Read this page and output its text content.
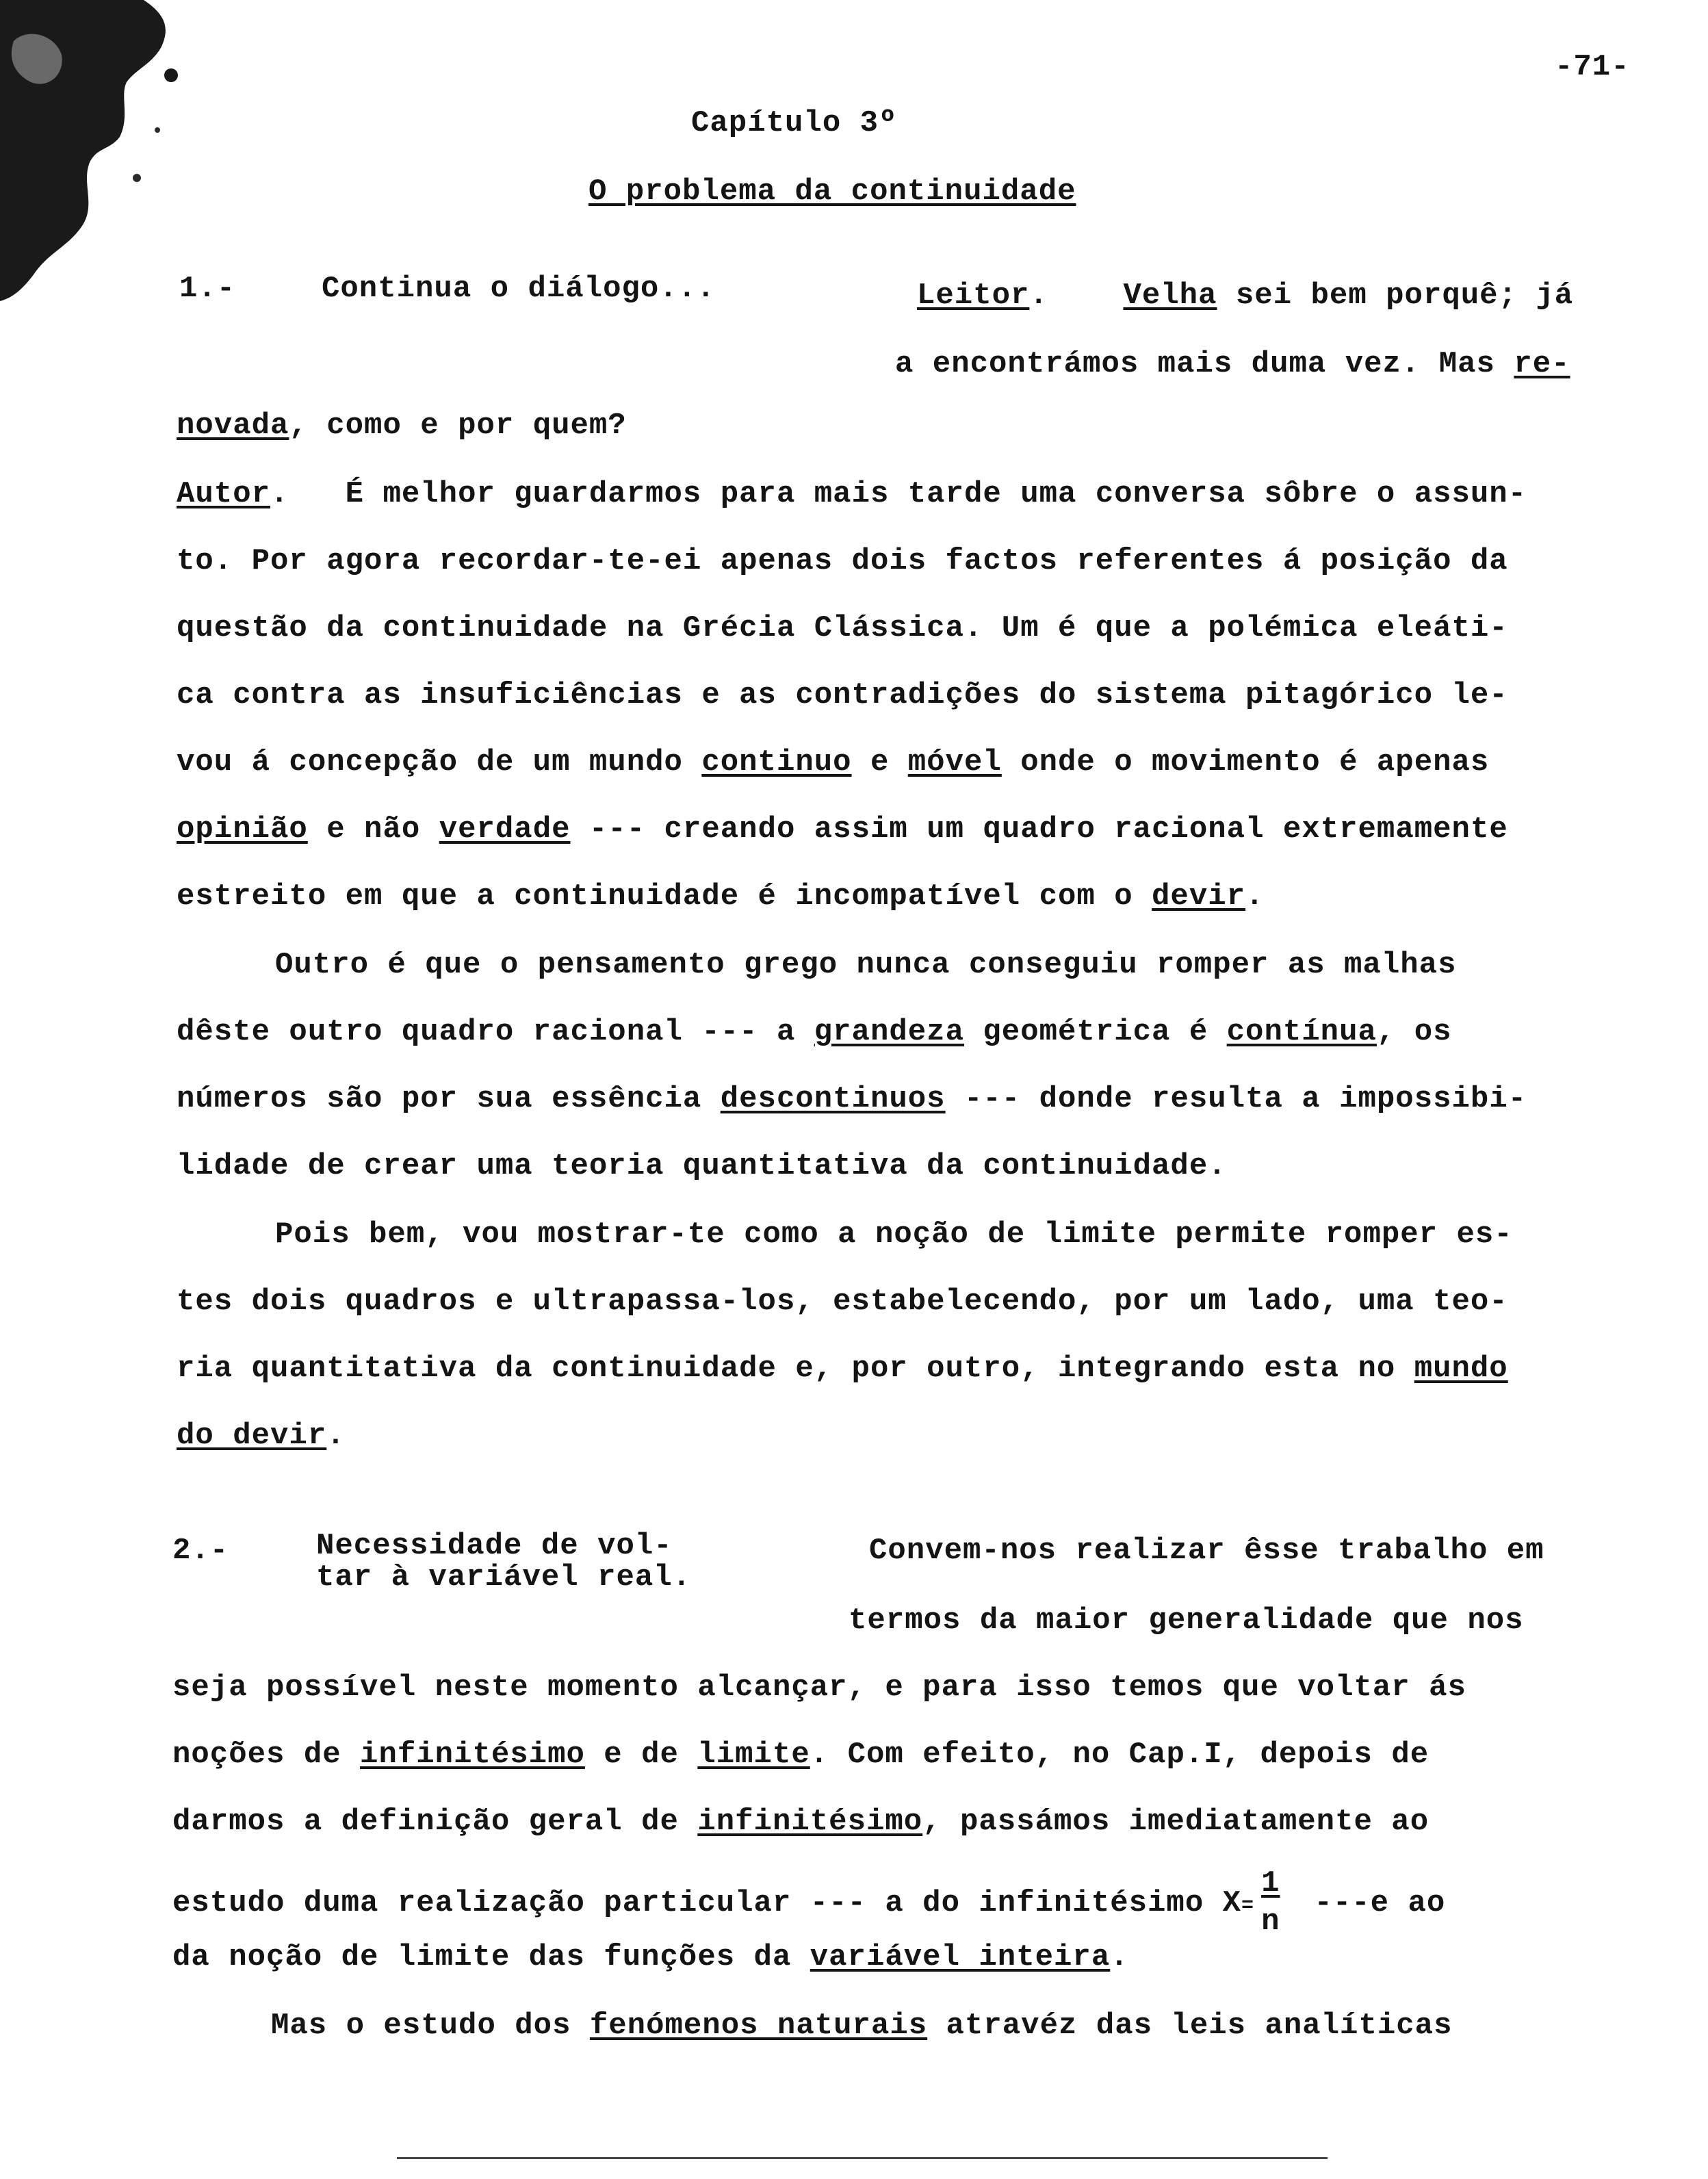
-71-
Capítulo 3º
O problema da continuidade
1.-	Continua o diálogo...	Leitor.    Velha sei bem porquê; já
a encontrámos mais duma vez. Mas re-
novada, como e por quem?
Autor.   É melhor guardarmos para mais tarde uma conversa sôbre o assun-
to. Por agora recordar-te-ei apenas dois factos referentes á posição da
questão da continuidade na Grécia Clássica. Um é que a polémica eleáti-
ca contra as insuficiências e as contradições do sistema pitagórico le-
vou á concepção de um mundo continuo e móvel onde o movimento é apenas
opinião e não verdade --- creando assim um quadro racional extremamente
estreito em que a continuidade é incompatível com o devir.
Outro é que o pensamento grego nunca conseguiu romper as malhas
dêste outro quadro racional --- a grandeza geométrica é contínua, os
números são por sua essência descontinuos --- donde resulta a impossibi-
lidade de crear uma teoria quantitativa da continuidade.
Pois bem, vou mostrar-te como a noção de limite permite romper es-
tes dois quadros e ultrapassa-los, estabelecendo, por um lado, uma teo-
ria quantitativa da continuidade e, por outro, integrando esta no mundo
do devir.
2.-	Necessidade de vol-
tar à variável real.
Convem-nos realizar êsse trabalho em
termos da maior generalidade que nos
seja possível neste momento alcançar, e para isso temos que voltar ás
noções de infinitésimo e de limite. Com efeito, no Cap.I, depois de
darmos a definição geral de infinitésimo, passámos imediatamente ao
estudo duma realização particular --- a do infinitésimo $X= \frac{1}{n} ---e$ ao
da noção de limite das funções da variável inteira.
Mas o estudo dos fenómenos naturais atravéz das leis analíticas
